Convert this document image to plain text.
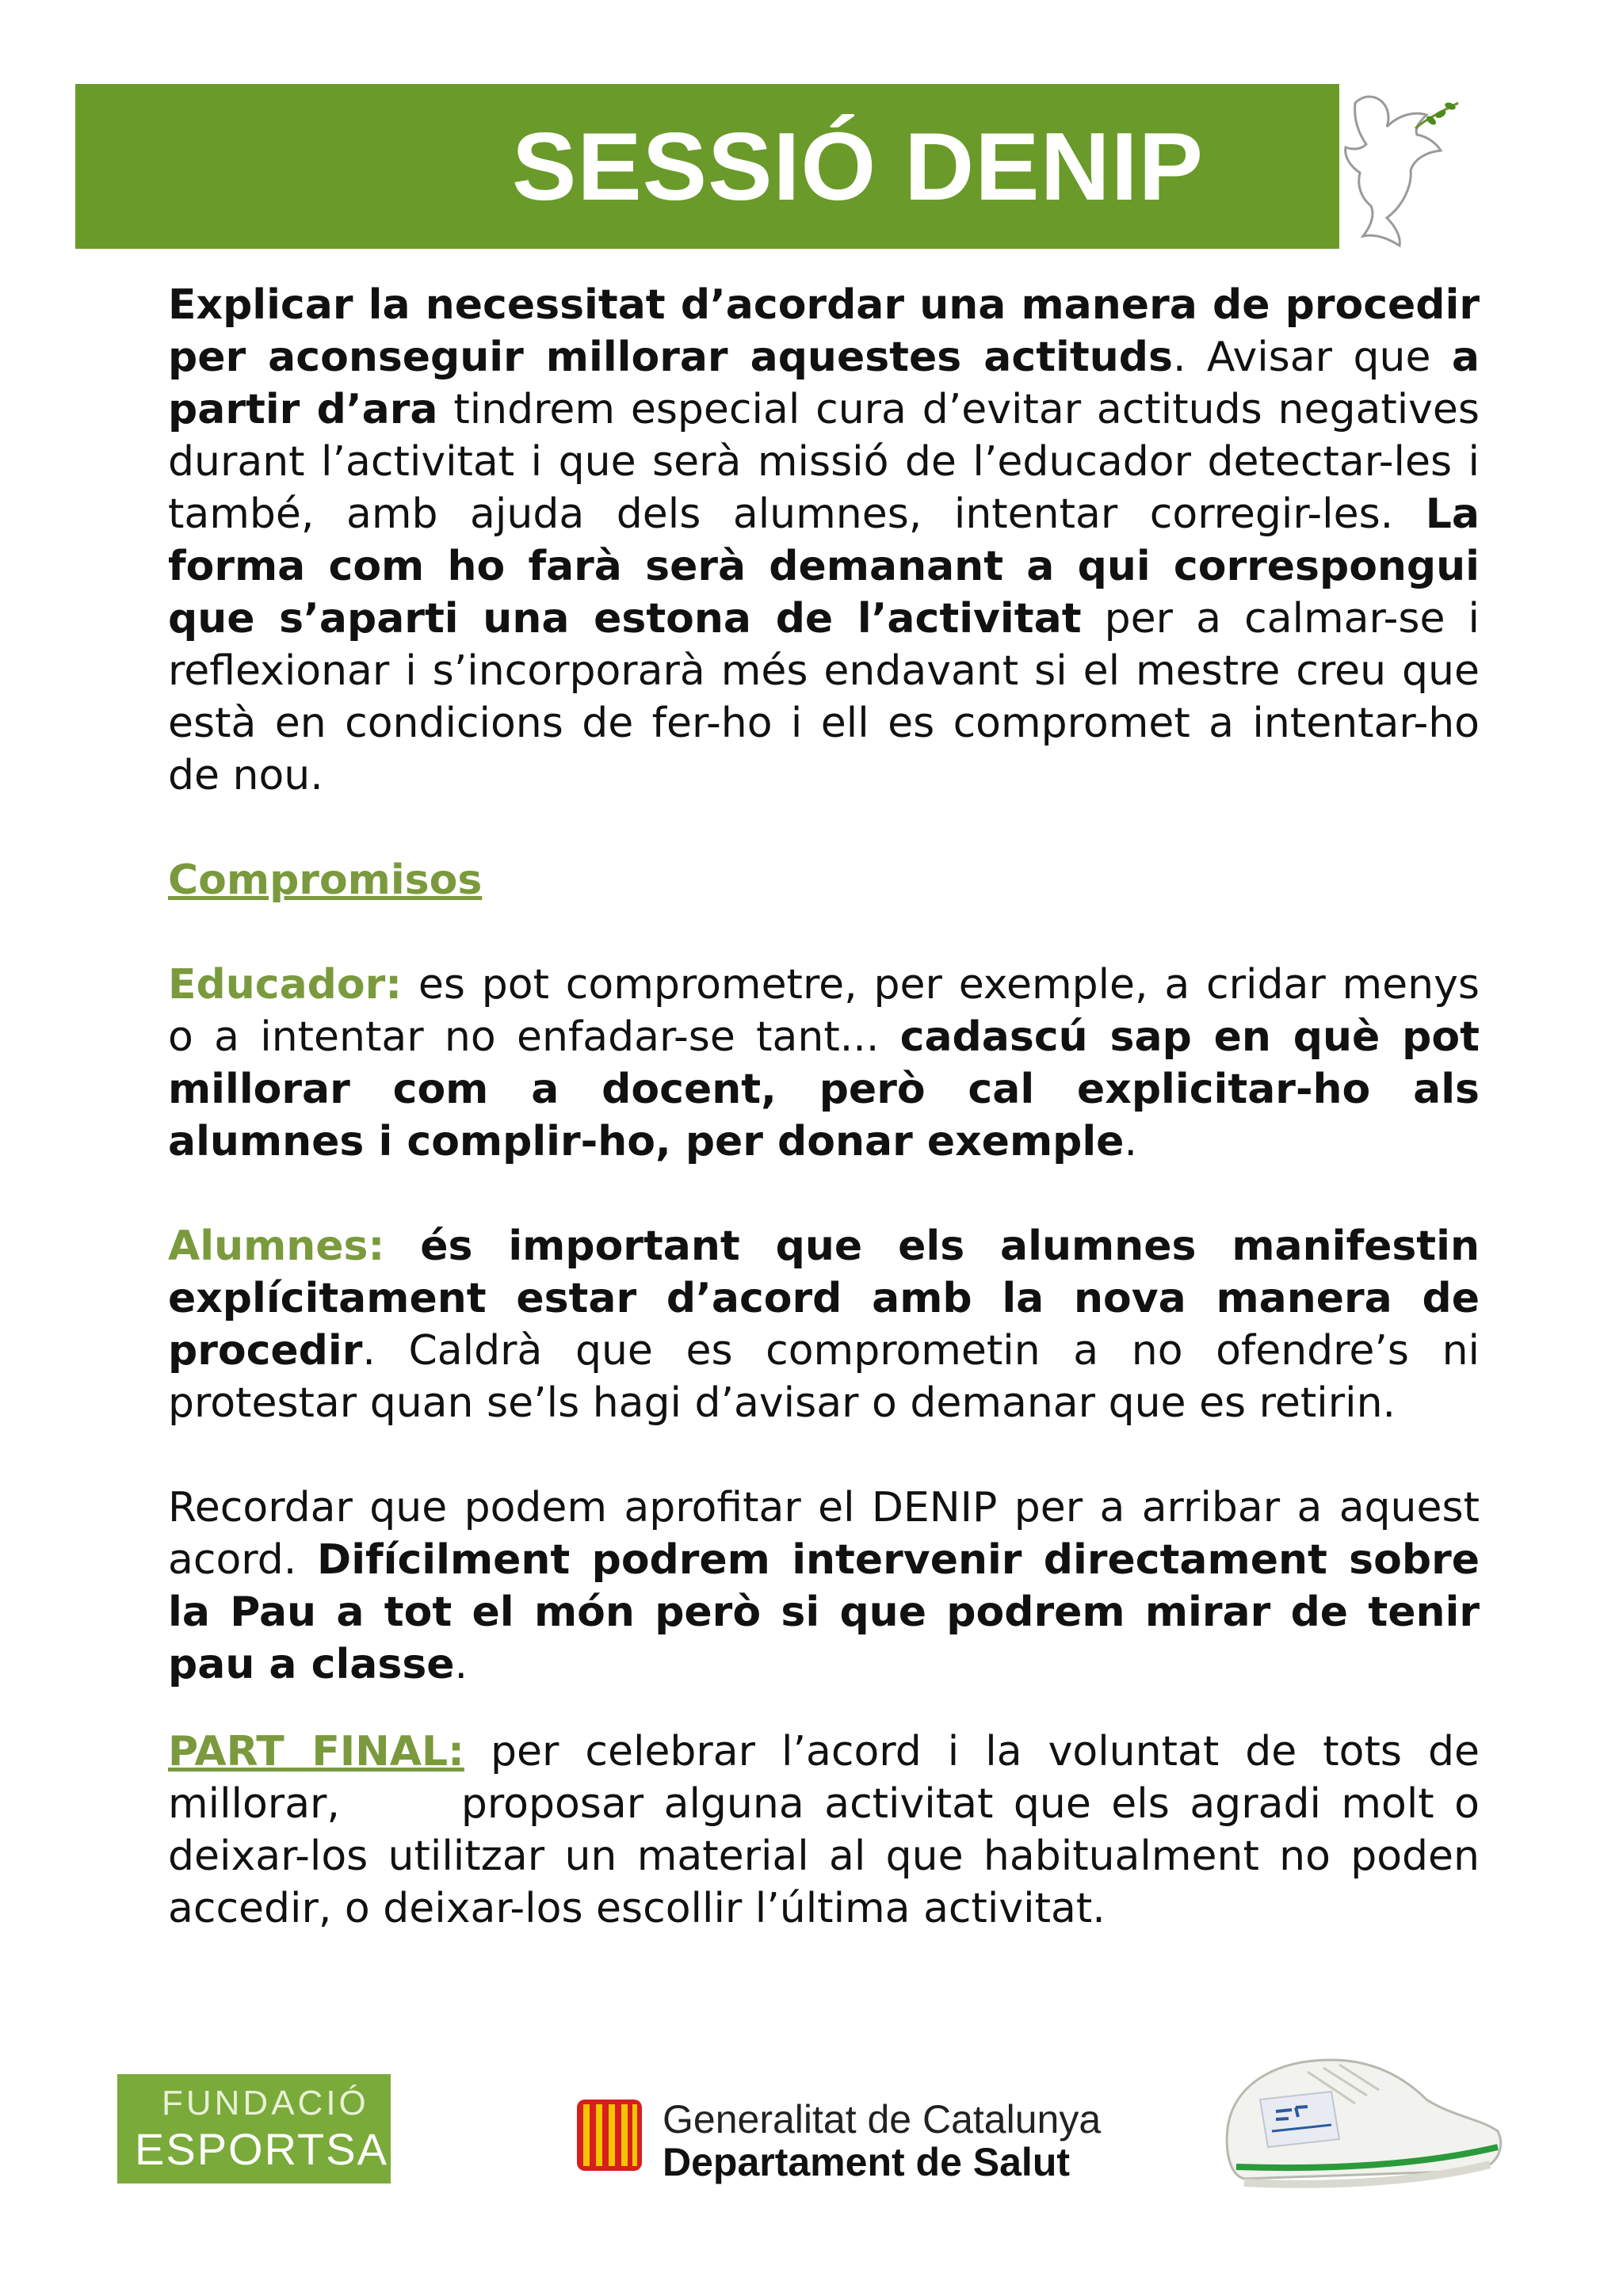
SESSIÓ DENIP

Explicar la necessitat d’acordar una manera de procedir per aconseguir millorar aquestes actituds. Avisar que a partir d’ara tindrem especial cura d’evitar actituds negatives durant l’activitat i que serà missió de l’educador detectar-les i també, amb ajuda dels alumnes, intentar corregir-les. La forma com ho farà serà demanant a qui correspongui que s’aparti una estona de l’activitat per a calmar-se i reflexionar i s’incorporarà més endavant si el mestre creu que està en condicions de fer-ho i ell es compromet a intentar-ho de nou.

Compromisos

Educador: es pot comprometre, per exemple, a cridar menys o a intentar no enfadar-se tant... cadascú sap en què pot millorar com a docent, però cal explicitar-ho als alumnes i complir-ho, per donar exemple.

Alumnes: és important que els alumnes manifestin explícitament estar d’acord amb la nova manera de procedir. Caldrà que es comprometin a no ofendre’s ni protestar quan se’ls hagi d’avisar o demanar que es retirin.

Recordar que podem aprofitar el DENIP per a arribar a aquest acord. Difícilment podrem intervenir directament sobre la Pau a tot el món però si que podrem mirar de tenir pau a classe.

PART FINAL: per celebrar l’acord i la voluntat de tots de millorar,      proposar alguna activitat que els agradi molt o deixar-los utilitzar un material al que habitualment no poden accedir, o deixar-los escollir l’última activitat.

FUNDACIÓ
ESPORTSALUS
Generalitat de Catalunya
Departament de Salut
